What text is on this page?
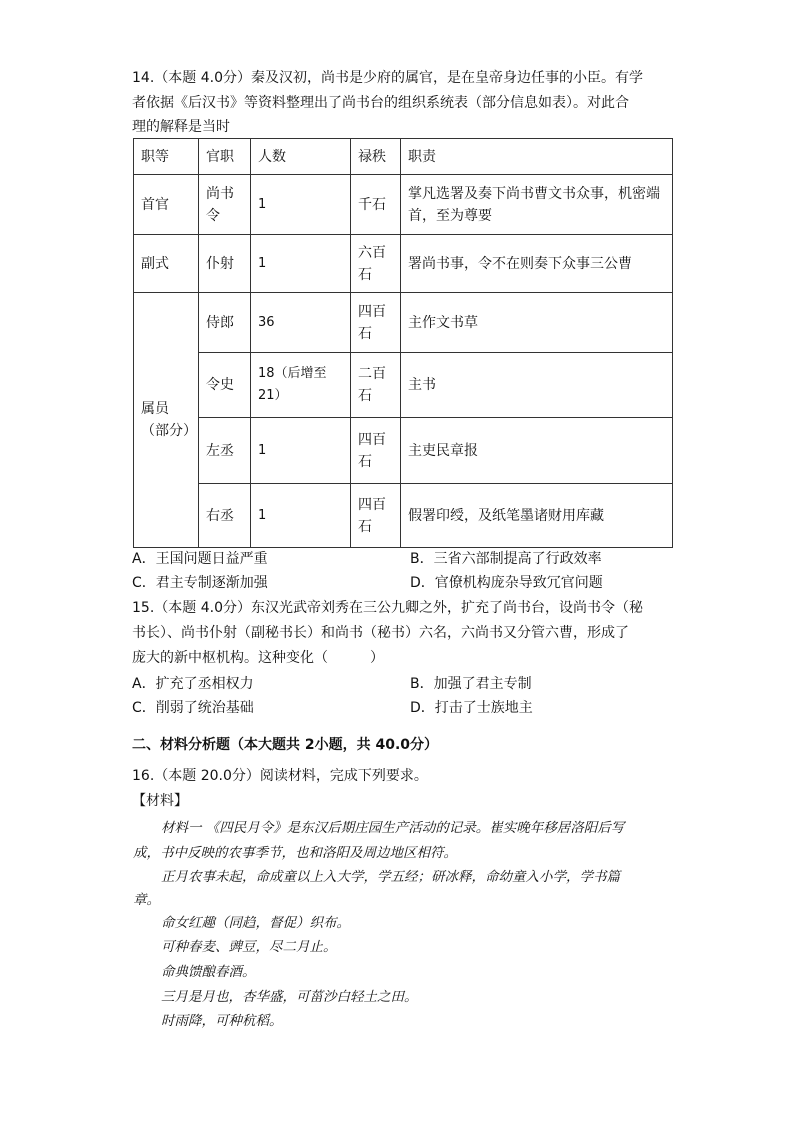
14.（本题 4.0分）秦及汉初，尚书是少府的属官，是在皇帝身边任事的小臣。有学
者依据《后汉书》等资料整理出了尚书台的组织系统表（部分信息如表）。对此合
理的解释是当时
职等	官职	人数	禄秩	职责
首官	尚书令	1	千石	掌凡选署及奏下尚书曹文书众事，机密端首，至为尊要
副式	仆射	1	六百石	署尚书事，令不在则奏下众事三公曹
属员（部分）	侍郎	36	四百石	主作文书草
	令史	18（后增至21）	二百石	主书
	左丞	1	四百石	主吏民章报
	右丞	1	四百石	假署印绶，及纸笔墨诸财用库藏
A．王国问题日益严重	B．三省六部制提高了行政效率
C．君主专制逐渐加强	D．官僚机构庞杂导致冗官问题
15.（本题 4.0分）东汉光武帝刘秀在三公九卿之外，扩充了尚书台，设尚书令（秘
书长）、尚书仆射（副秘书长）和尚书（秘书）六名，六尚书又分管六曹，形成了
庞大的新中枢机构。这种变化（　　　）
A．扩充了丞相权力	B．加强了君主专制
C．削弱了统治基础	D．打击了士族地主
二、材料分析题（本大题共 2小题，共 40.0分）
16.（本题 20.0分）阅读材料，完成下列要求。
【材料】
材料一 《四民月令》是东汉后期庄园生产活动的记录。崔实晚年移居洛阳后写
成，书中反映的农事季节，也和洛阳及周边地区相符。
正月农事未起，命成童以上入大学，学五经；研冰释，命幼童入小学，学书篇
章。
命女红趣（同趋，督促）织布。
可种春麦、豍豆，尽二月止。
命典馈酿春酒。
三月是月也，杏华盛，可菑沙白轻土之田。
时雨降，可种秔稻。
